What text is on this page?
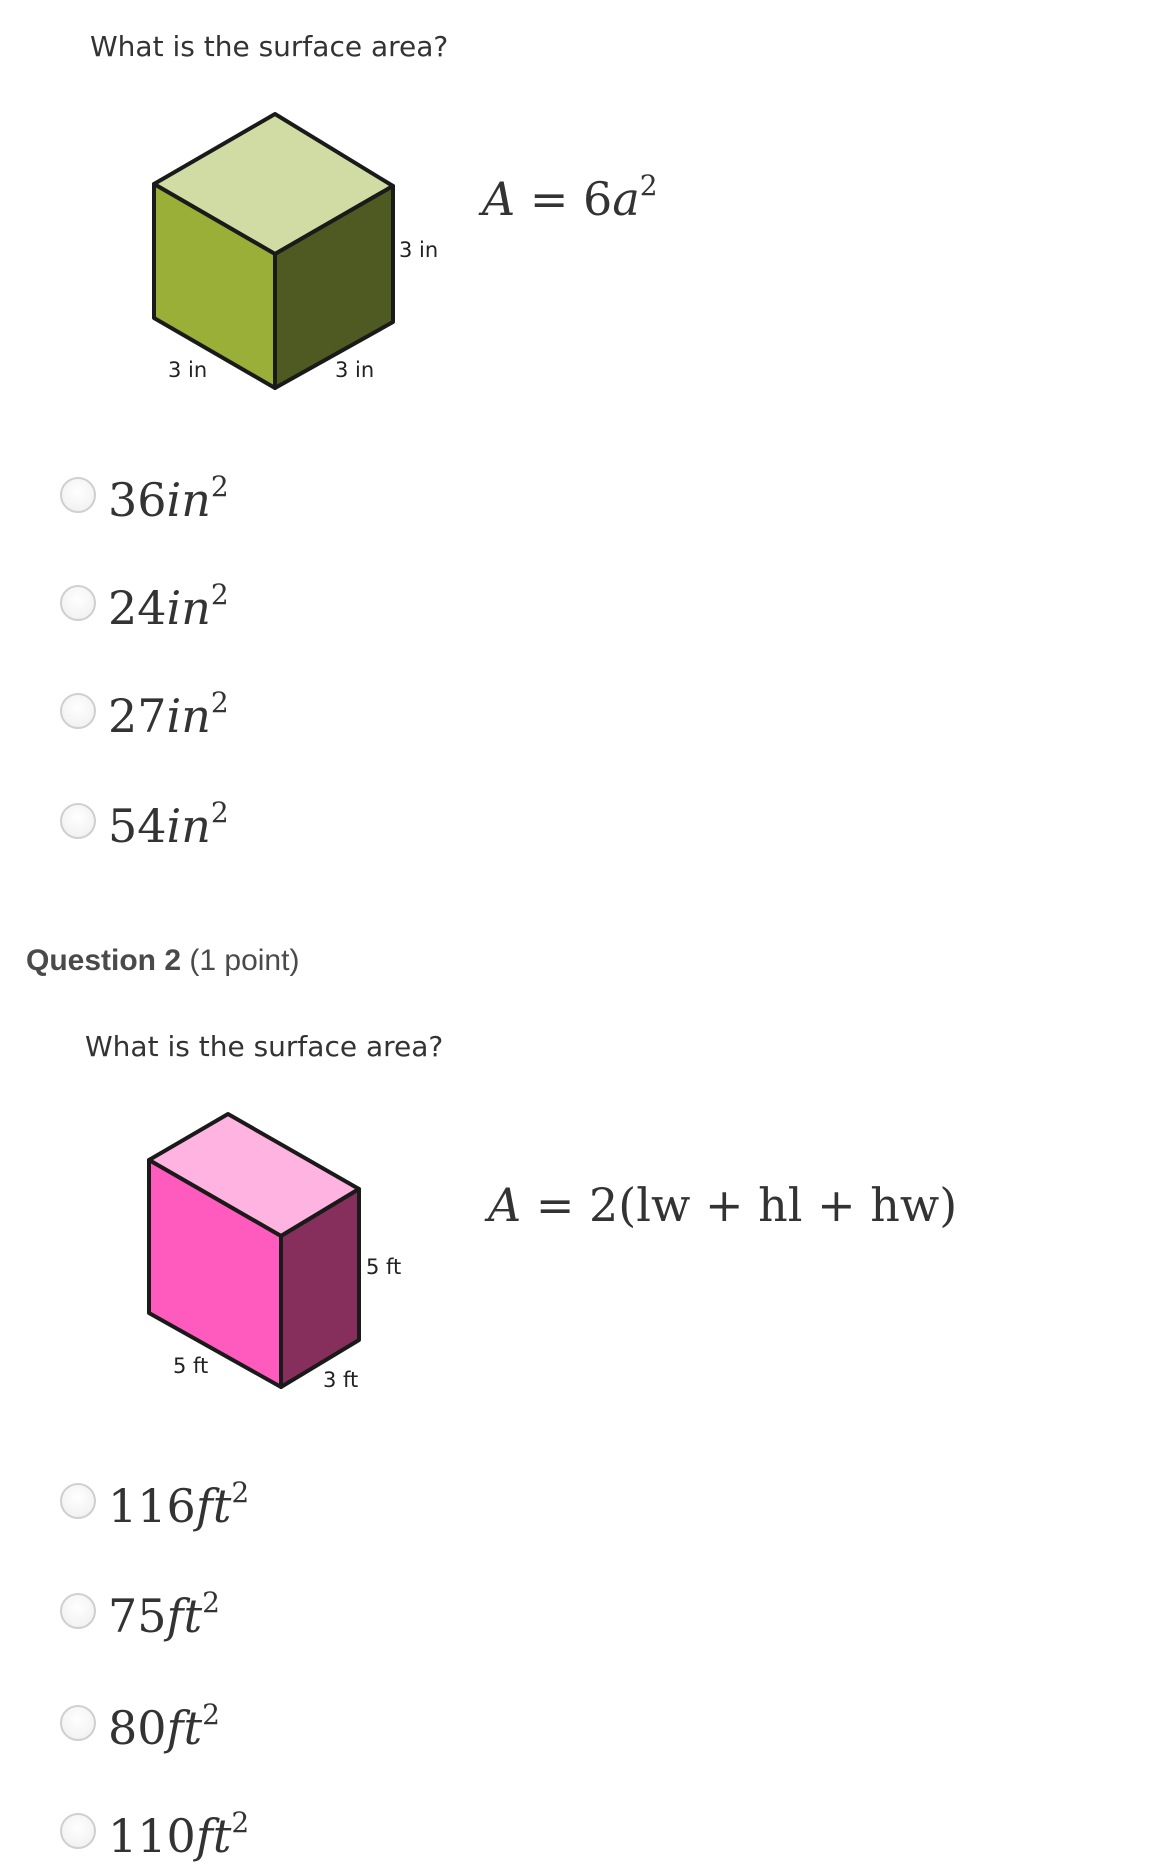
What is the surface area?
3 in
3 in	3 in
$A = 6a^2$
$36in^2$
$24in^2$
$27in^2$
$54in^2$
Question 2 (1 point)
What is the surface area?
5 ft
5 ft
3 ft
A = 2(lw + hl + hw)
$116ft^2$
$75ft^2$
$80ft^2$
$110ft^2$
